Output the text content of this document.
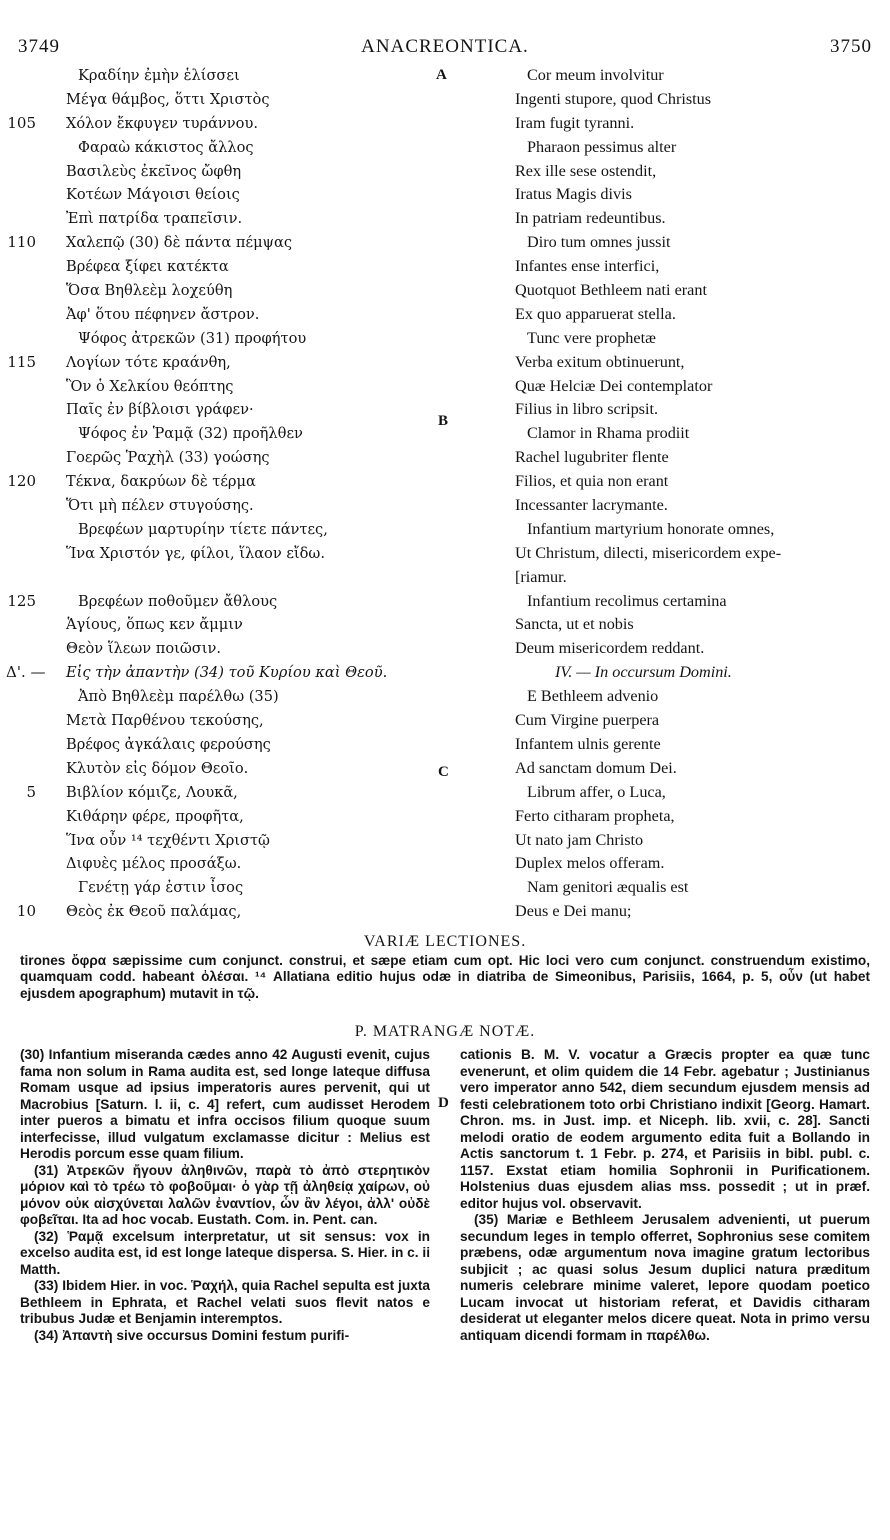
3749	ANACREONTICA.	3750
A
B
C
D
Κραδίην ἐμὴν ἑλίσσει
Μέγα θάμβος, ὅττι Χριστὸς
105 Χόλον ἔκφυγεν τυράννου.
Φαραὼ κάκιστος ἄλλος
Βασιλεὺς ἐκεῖνος ὤφθη
Κοτέων Μάγοισι θείοις
Ἐπὶ πατρίδα τραπεῖσιν.
110 Χαλεπῷ (30) δὲ πάντα πέμψας
Βρέφεα ξίφει κατέκτα
Ὅσα Βηθλεὲμ λοχεύθη
Ἀφ' ὅτου πέφηνεν ἄστρον.
Ψόφος ἀτρεκῶν (31) προφήτου
115 Λογίων τότε κραάνθη,
Ὃν ὁ Χελκίου θεόπτης
Παῖς ἐν βίβλοισι γράφεν·
Ψόφος ἐν Ῥαμᾷ (32) προῆλθεν
Γοερῶς Ῥαχὴλ (33) γοώσης
120 Τέκνα, δακρύων δὲ τέρμα
Ὅτι μὴ πέλεν στυγούσης.
Βρεφέων μαρτυρίην τίετε πάντες,
Ἵνα Χριστόν γε, φίλοι, ἵλαον εἴδω.
125	Βρεφέων ποθοῦμεν ἄθλους
Ἁγίους, ὅπως κεν ἄμμιν
Θεὸν ἵλεων ποιῶσιν.
Δ'. —	Εἰς τὴν ἀπαντὴν (34) τοῦ Κυρίου καὶ Θεοῦ.
Ἀπὸ Βηθλεὲμ παρέλθω (35)
Μετὰ Παρθένου τεκούσης,
Βρέφος ἀγκάλαις φερούσης
Κλυτὸν εἰς δόμον Θεοῖο.
5 Βιβλίον κόμιζε, Λουκᾶ,
Κιθάρην φέρε, προφῆτα,
Ἵνα οὖν ¹⁴ τεχθέντι Χριστῷ
Διφυὲς μέλος προσάξω.
Γενέτῃ γάρ ἐστιν ἶσος
10 Θεὸς ἐκ Θεοῦ παλάμας,
Cor meum involvitur
Ingenti stupore, quod Christus
Iram fugit tyranni.
Pharaon pessimus alter
Rex ille sese ostendit,
Iratus Magis divis
In patriam redeuntibus.
Diro tum omnes jussit
Infantes ense interfici,
Quotquot Bethleem nati erant
Ex quo apparuerat stella.
Tunc vere prophetæ
Verba exitum obtinuerunt,
Quæ Helciæ Dei contemplator
Filius in libro scripsit.
Clamor in Rhama prodiit
Rachel lugubriter flente
Filios, et quia non erant
Incessanter lacrymante.
Infantium martyrium honorate omnes,
Ut Christum, dilecti, misericordem expe-
[riamur.
Infantium recolimus certamina
Sancta, ut et nobis
Deum misericordem reddant.
IV. — In occursum Domini.
E Bethleem advenio
Cum Virgine puerpera
Infantem ulnis gerente
Ad sanctam domum Dei.
Librum affer, o Luca,
Ferto citharam propheta,
Ut nato jam Christo
Duplex melos offeram.
Nam genitori æqualis est
Deus e Dei manu;
VARIÆ LECTIONES.
tirones ὄφρα sæpissime cum conjunct. construi, et sæpe etiam cum opt. Hic loci vero cum conjunct. construendum existimo, quamquam codd. habeant ὀλέσαι. ¹⁴ Allatiana editio hujus odæ in diatriba de Simeonibus, Parisiis, 1664, p. 5, οὖν (ut habet ejusdem apographum) mutavit in τῷ.
P. MATRANGÆ NOTÆ.

(30) Infantium miseranda cædes anno 42 Augusti evenit, cujus fama non solum in Rama audita est, sed longe lateque diffusa Romam usque ad ipsius imperatoris aures pervenit, qui ut Macrobius [Saturn. l. ii, c. 4] refert, cum audisset Herodem inter pueros a bimatu et infra occisos filium quoque suum interfecisse, illud vulgatum exclamasse dicitur : Melius est Herodis porcum esse quam filium.

(31) Ἀτρεκῶν ἤγουν ἀληθινῶν, παρὰ τὸ ἀπὸ στερητικὸν μόριον καὶ τὸ τρέω τὸ φοβοῦμαι· ὁ γὰρ τῇ ἀληθείᾳ χαίρων, οὐ μόνον οὐκ αἰσχύνεται λαλῶν ἐναντίον, ὧν ἂν λέγοι, ἀλλ' οὐδὲ φοβεῖται. Ita ad hoc vocab. Eustath. Com. in. Pent. can.

(32) Ῥαμᾷ excelsum interpretatur, ut sit sensus: vox in excelso audita est, id est longe lateque dispersa. S. Hier. in c. ii Matth.

(33) Ibidem Hier. in voc. Ῥαχήλ, quia Rachel sepulta est juxta Bethleem in Ephrata, et Rachel velati suos flevit natos e tribubus Judæ et Benjamin interemptos.

(34) Ἀπαντὴ sive occursus Domini festum purifi-

cationis B. M. V. vocatur a Græcis propter ea quæ tunc evenerunt, et olim quidem die 14 Febr. agebatur ; Justinianus vero imperator anno 542, diem secundum ejusdem mensis ad festi celebrationem toto orbi Christiano indixit [Georg. Hamart. Chron. ms. in Just. imp. et Niceph. lib. xvii, c. 28]. Sancti melodi oratio de eodem argumento edita fuit a Bollando in Actis sanctorum t. 1 Febr. p. 274, et Parisiis in bibl. publ. c. 1157. Exstat etiam homilia Sophronii in Purificationem. Holstenius duas ejusdem alias mss. possedit ; ut in præf. editor hujus vol. observavit.

(35) Mariæ e Bethleem Jerusalem advenienti, ut puerum secundum leges in templo offerret, Sophronius sese comitem præbens, odæ argumentum nova imagine gratum lectoribus subjicit ; ac quasi solus Jesum duplici natura præditum numeris celebrare minime valeret, lepore quodam poetico Lucam invocat ut historiam referat, et Davidis citharam desiderat ut eleganter melos dicere queat. Nota in primo versu antiquam dicendi formam in παρέλθω.
